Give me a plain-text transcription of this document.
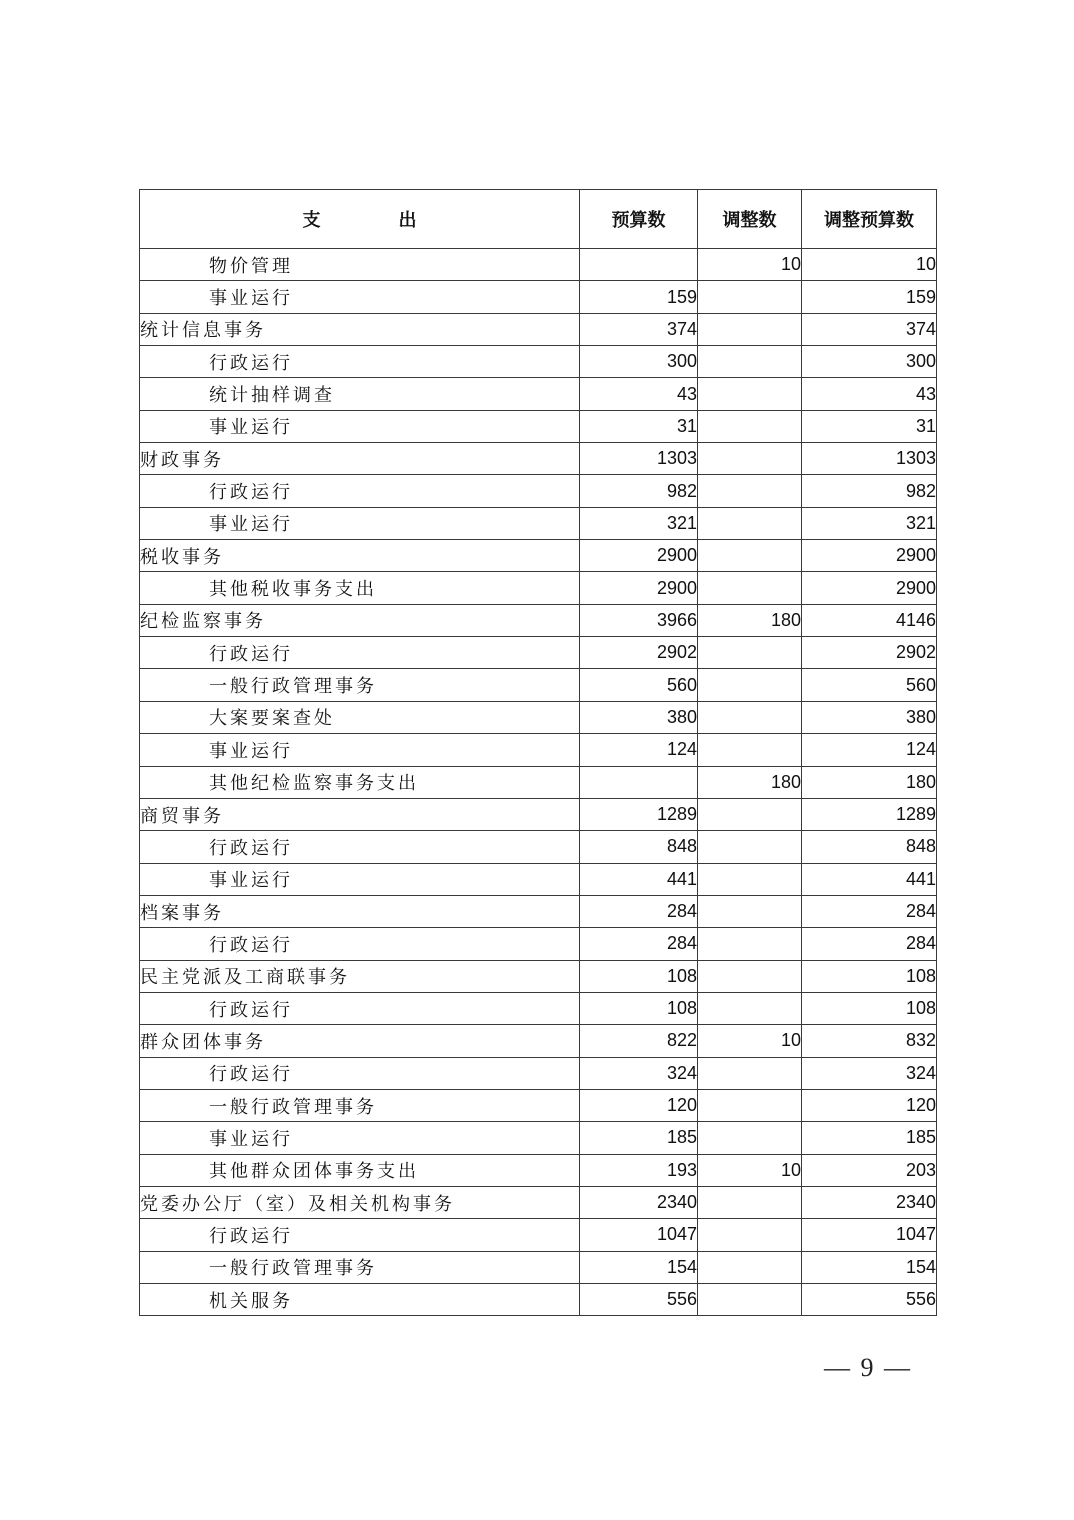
支 出	预算数	调整数	调整预算数
物价管理		10	10
事业运行	159		159
统计信息事务	374		374
行政运行	300		300
统计抽样调查	43		43
事业运行	31		31
财政事务	1303		1303
行政运行	982		982
事业运行	321		321
税收事务	2900		2900
其他税收事务支出	2900		2900
纪检监察事务	3966	180	4146
行政运行	2902		2902
一般行政管理事务	560		560
大案要案查处	380		380
事业运行	124		124
其他纪检监察事务支出		180	180
商贸事务	1289		1289
行政运行	848		848
事业运行	441		441
档案事务	284		284
行政运行	284		284
民主党派及工商联事务	108		108
行政运行	108		108
群众团体事务	822	10	832
行政运行	324		324
一般行政管理事务	120		120
事业运行	185		185
其他群众团体事务支出	193	10	203
党委办公厅（室）及相关机构事务	2340		2340
行政运行	1047		1047
一般行政管理事务	154		154
机关服务	556		556
— 9 —
